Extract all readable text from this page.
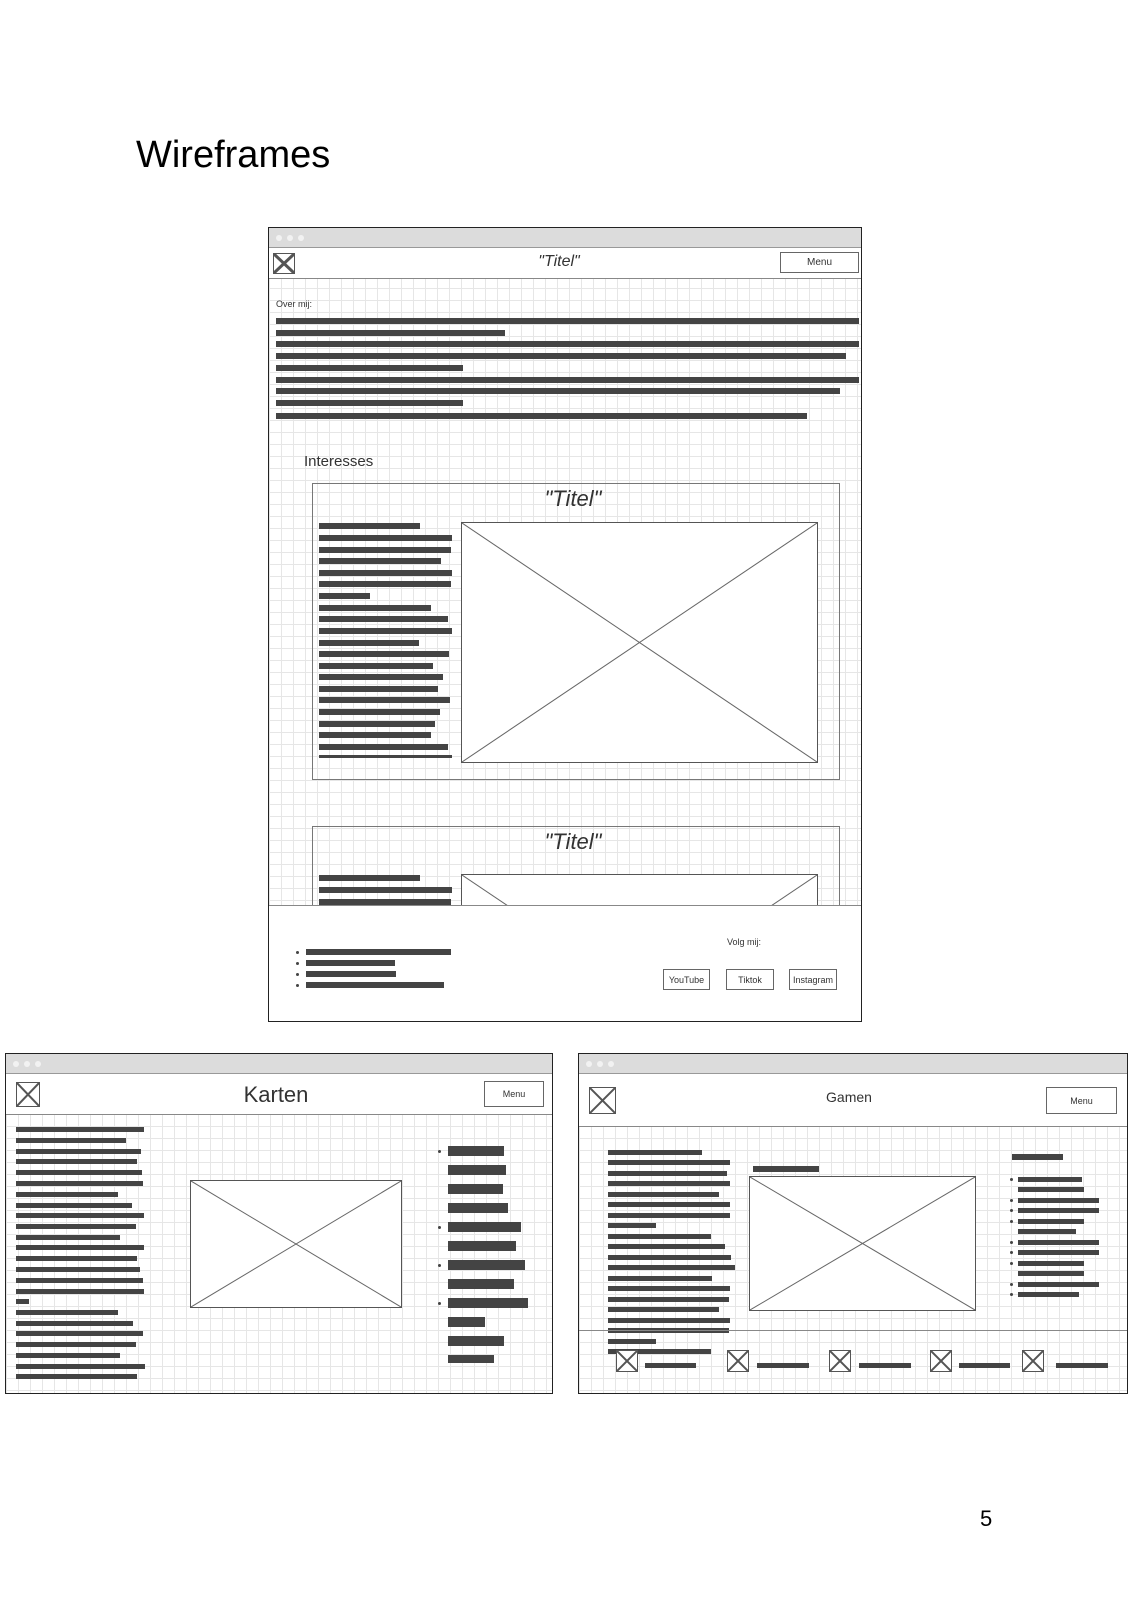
Wireframes
"Titel"	Menu
Over mij:
Interesses
"Titel"
"Titel"
Volg mij:
YouTube	Tiktok	Instagram
Karten	Menu	Gamen	Menu
5
